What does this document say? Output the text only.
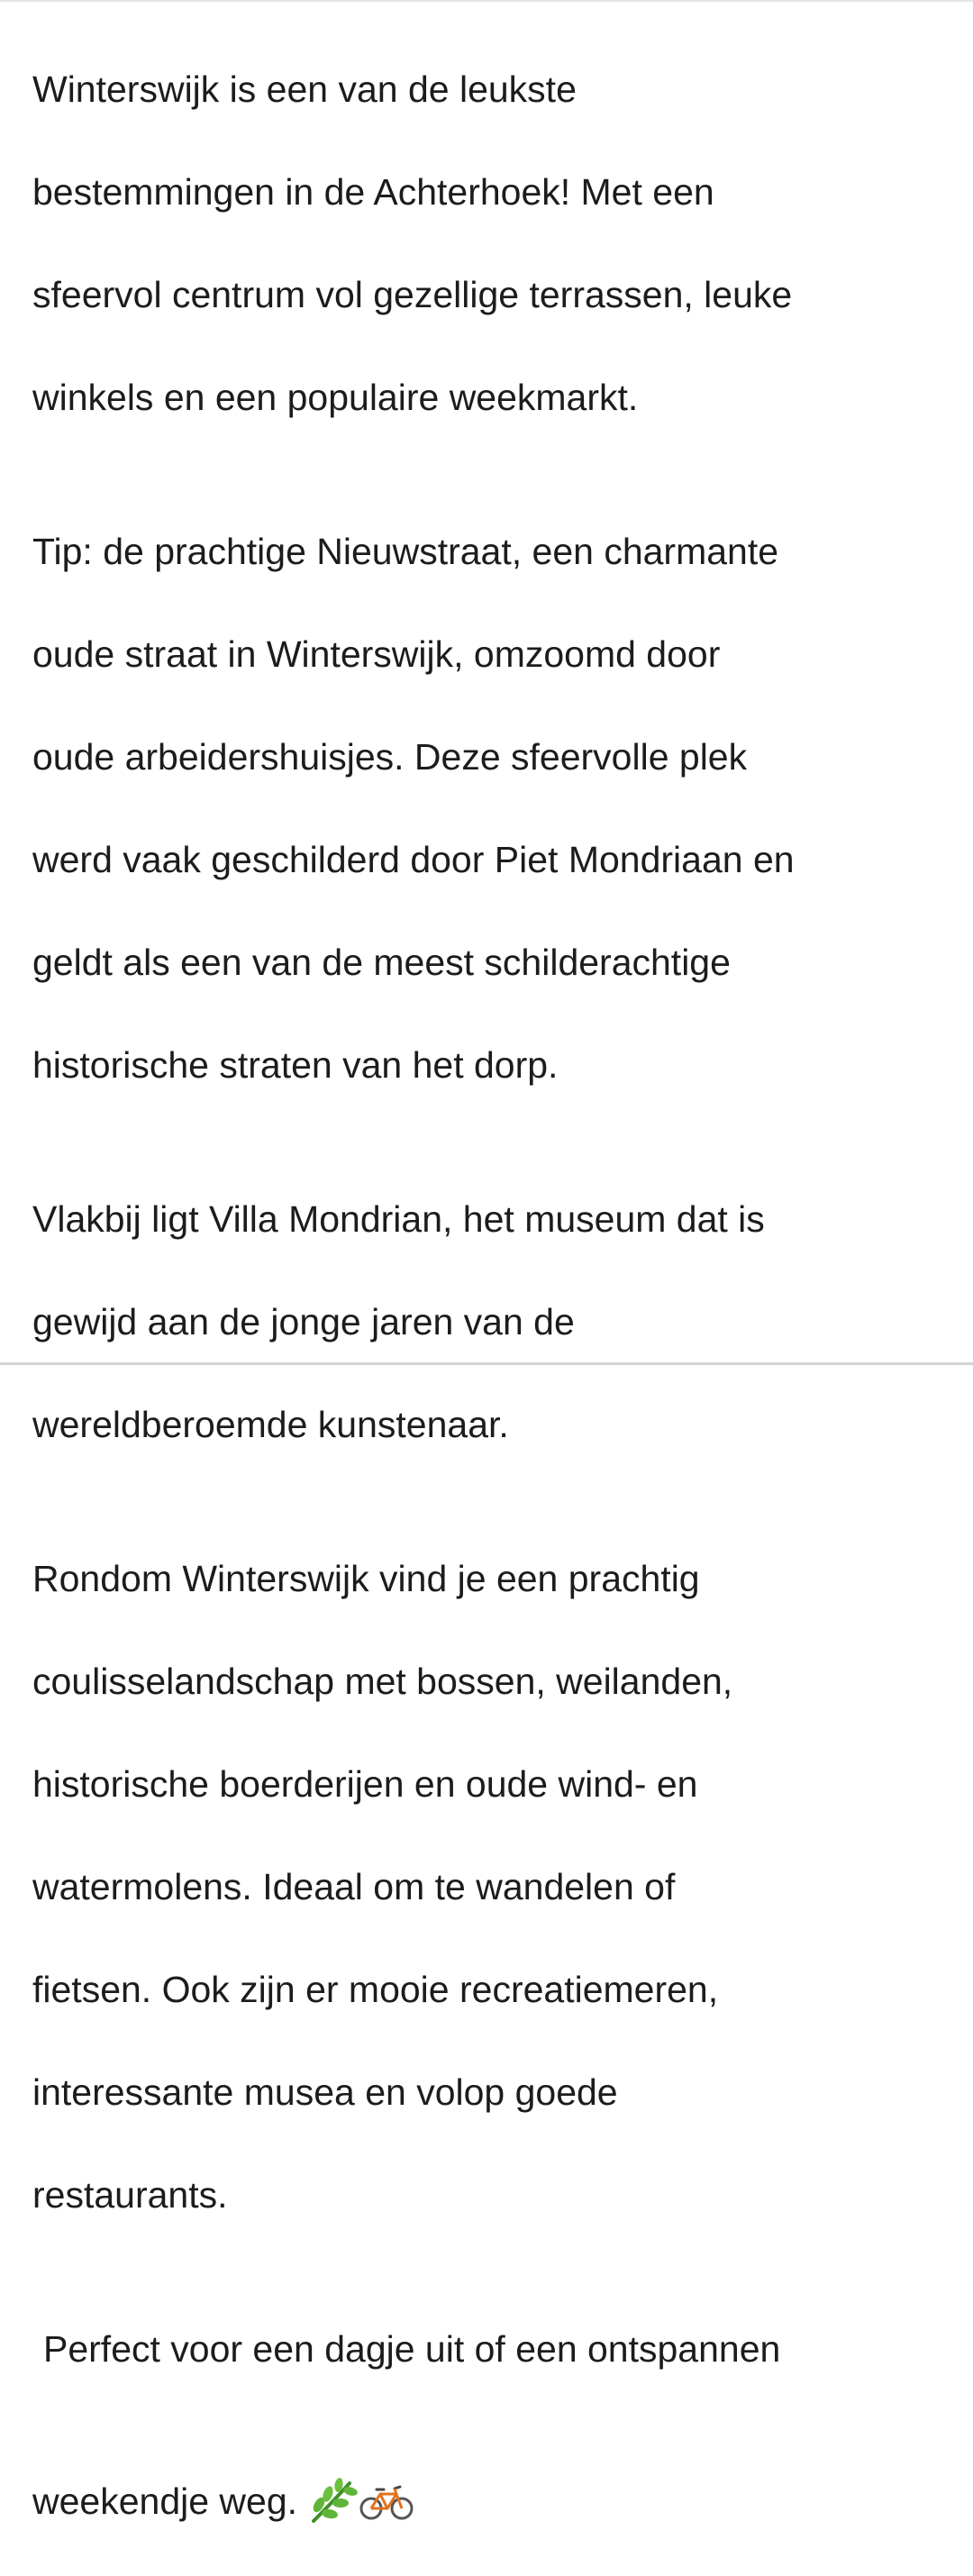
Winterswijk is een van de leukste

bestemmingen in de Achterhoek! Met een

sfeervol centrum vol gezellige terrassen, leuke

winkels en een populaire weekmarkt.

Tip: de prachtige Nieuwstraat, een charmante

oude straat in Winterswijk, omzoomd door

oude arbeidershuisjes. Deze sfeervolle plek

werd vaak geschilderd door Piet Mondriaan en

geldt als een van de meest schilderachtige

historische straten van het dorp.

Vlakbij ligt Villa Mondrian, het museum dat is

gewijd aan de jonge jaren van de

wereldberoemde kunstenaar.

Rondom Winterswijk vind je een prachtig

coulisselandschap met bossen, weilanden,

historische boerderijen en oude wind- en

watermolens. Ideaal om te wandelen of

fietsen. Ook zijn er mooie recreatiemeren,

interessante musea en volop goede

restaurants.

Perfect voor een dagje uit of een ontspannen

weekendje weg.
